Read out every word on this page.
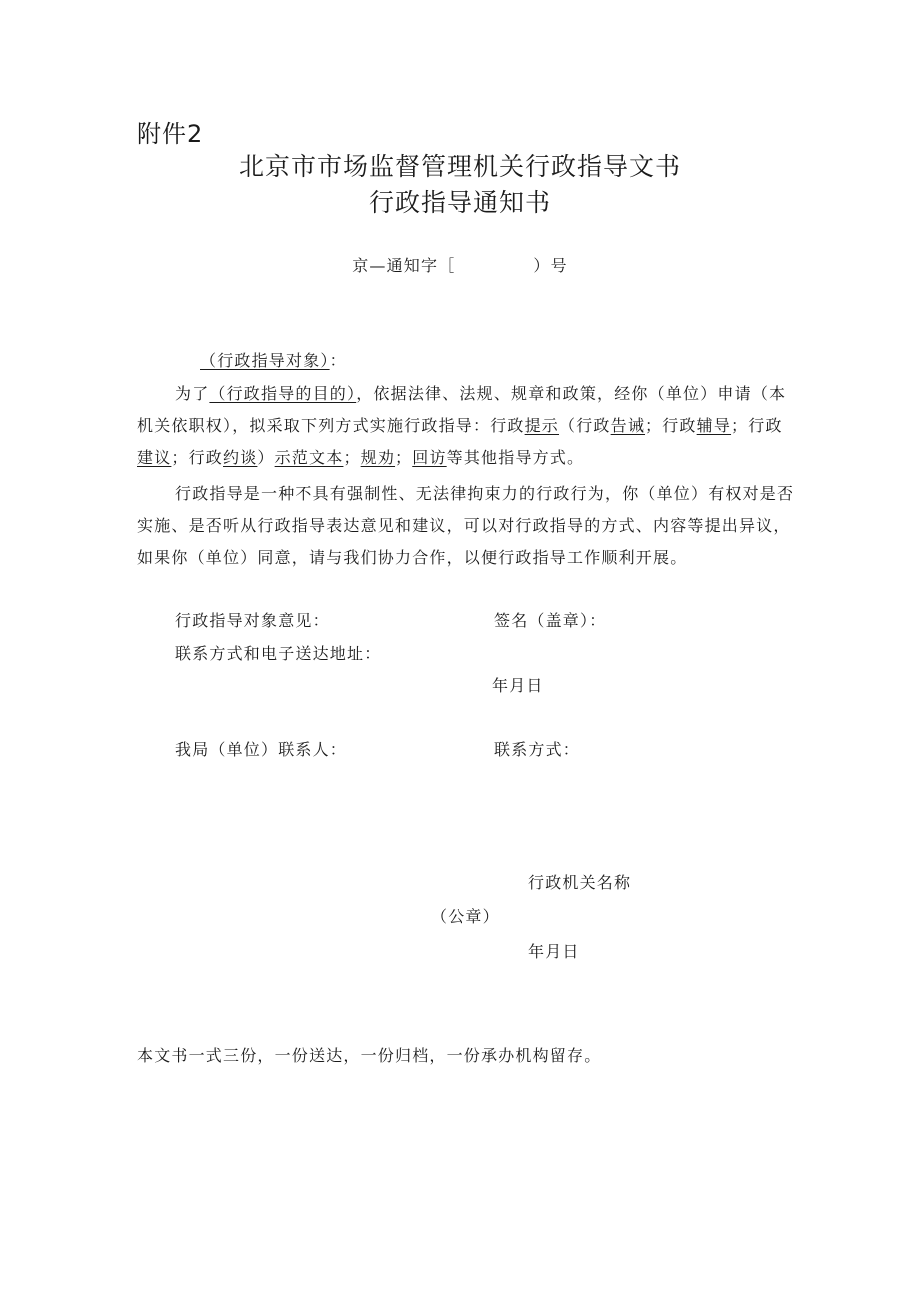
附件2
北京市市场监督管理机关行政指导文书
行政指导通知书
京—通知字［	）号
（行政指导对象）：
为了（行政指导的目的），依据法律、法规、规章和政策，经你（单位）申请（本
机关依职权），拟采取下列方式实施行政指导：行政提示（行政告诫；行政辅导；行政
建议；行政约谈）示范文本；规劝；回访等其他指导方式。
行政指导是一种不具有强制性、无法律拘束力的行政行为，你（单位）有权对是否
实施、是否听从行政指导表达意见和建议，可以对行政指导的方式、内容等提出异议，
如果你（单位）同意，请与我们协力合作，以便行政指导工作顺利开展。
行政指导对象意见：	签名（盖章）：
联系方式和电子送达地址：
年月日
我局（单位）联系人：	联系方式：
行政机关名称
（公章）
年月日
本文书一式三份，一份送达，一份归档，一份承办机构留存。
